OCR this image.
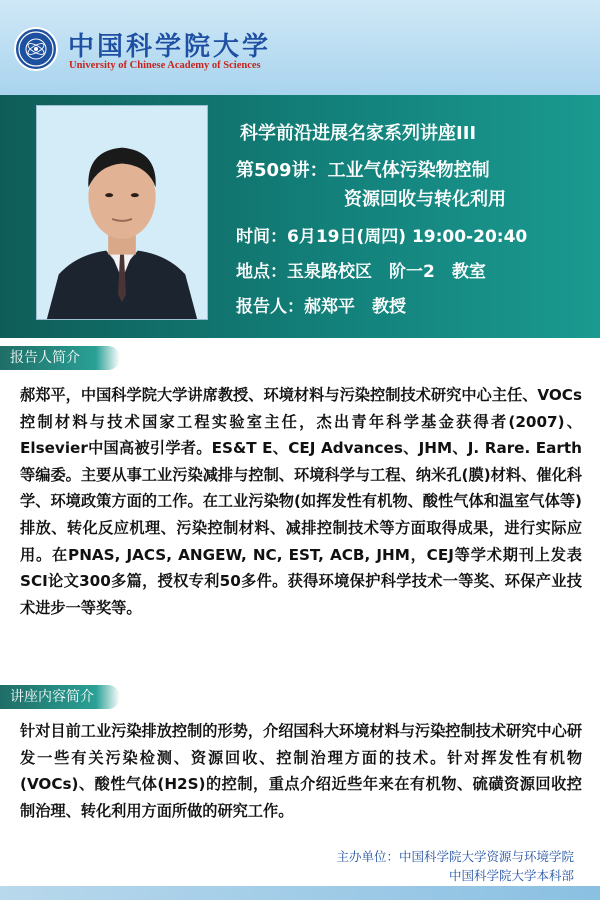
中国科学院大学
University of Chinese Academy of Sciences
科学前沿进展名家系列讲座III
第509讲：工业气体污染物控制
资源回收与转化利用
时间：6月19日(周四) 19:00-20:40
地点：玉泉路校区　阶一2　教室
报告人：郝郑平　教授
报告人简介
郝郑平，中国科学院大学讲席教授、环境材料与污染控制技术研究中心主任、VOCs控制材料与技术国家工程实验室主任，杰出青年科学基金获得者(2007)、Elsevier中国高被引学者。ES&T E、CEJ Advances、JHM、J. Rare. Earth等编委。主要从事工业污染减排与控制、环境科学与工程、纳米孔(膜)材料、催化科学、环境政策方面的工作。在工业污染物(如挥发性有机物、酸性气体和温室气体等)排放、转化反应机理、污染控制材料、减排控制技术等方面取得成果，进行实际应用。在PNAS, JACS, ANGEW, NC, EST, ACB, JHM，CEJ等学术期刊上发表SCI论文300多篇，授权专利50多件。获得环境保护科学技术一等奖、环保产业技术进步一等奖等。
讲座内容简介
针对目前工业污染排放控制的形势，介绍国科大环境材料与污染控制技术研究中心研发一些有关污染检测、资源回收、控制治理方面的技术。针对挥发性有机物(VOCs)、酸性气体(H2S)的控制，重点介绍近些年来在有机物、硫磺资源回收控制治理、转化利用方面所做的研究工作。
主办单位：中国科学院大学资源与环境学院
中国科学院大学本科部
